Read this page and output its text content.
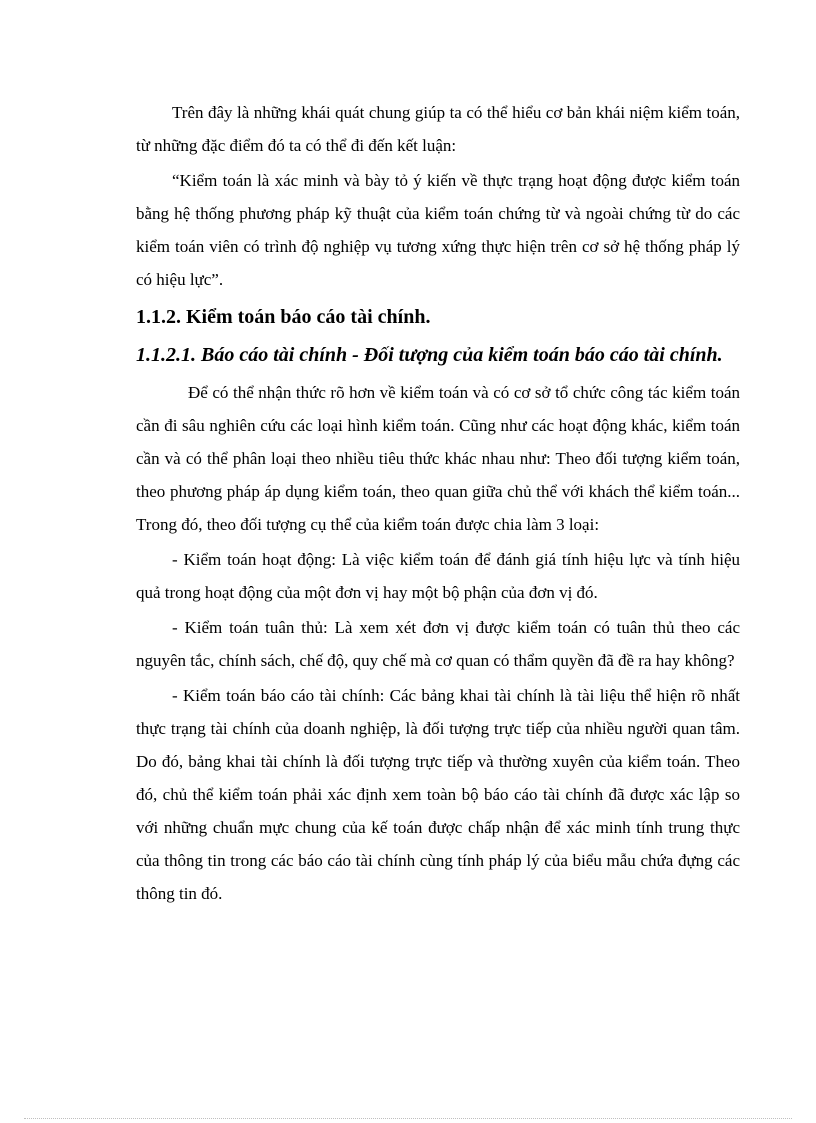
Trên đây là những khái quát chung giúp ta có thể hiểu cơ bản khái niệm kiểm toán, từ những đặc điểm đó ta có thể đi đến kết luận:

“Kiểm toán là xác minh và bày tỏ ý kiến về thực trạng hoạt động được kiểm toán bằng hệ thống phương pháp kỹ thuật của kiểm toán chứng từ và ngoài chứng từ do các kiểm toán viên có trình độ nghiệp vụ tương xứng thực hiện trên cơ sở hệ thống pháp lý có hiệu lực”.

1.1.2. Kiểm toán báo cáo tài chính.
1.1.2.1. Báo cáo tài chính - Đối tượng của kiểm toán báo cáo tài chính.

Để có thể nhận thức rõ hơn về kiểm toán và có cơ sở tổ chức công tác kiểm toán cần đi sâu nghiên cứu các loại hình kiểm toán. Cũng như các hoạt động khác, kiểm toán cần và có thể phân loại theo nhiều tiêu thức khác nhau như: Theo đối tượng kiểm toán, theo phương pháp áp dụng kiểm toán, theo quan giữa chủ thể với khách thể kiểm toán... Trong đó, theo đối tượng cụ thể của kiểm toán được chia làm 3 loại:

- Kiểm toán hoạt động: Là việc kiểm toán để đánh giá tính hiệu lực và tính hiệu quả trong hoạt động của một đơn vị hay một bộ phận của đơn vị đó.

- Kiểm toán tuân thủ: Là xem xét đơn vị được kiểm toán có tuân thủ theo các nguyên tắc, chính sách, chế độ, quy chế mà cơ quan có thẩm quyền đã đề ra hay không?

- Kiểm toán báo cáo tài chính: Các bảng khai tài chính là tài liệu thể hiện rõ nhất thực trạng tài chính của doanh nghiệp, là đối tượng trực tiếp của nhiều người quan tâm. Do đó, bảng khai tài chính là đối tượng trực tiếp và thường xuyên của kiểm toán. Theo đó, chủ thể kiểm toán phải xác định xem toàn bộ báo cáo tài chính đã được xác lập so với những chuẩn mực chung của kế toán được chấp nhận để xác minh tính trung thực của thông tin trong các báo cáo tài chính cùng tính pháp lý của biểu mẫu chứa đựng các thông tin đó.
